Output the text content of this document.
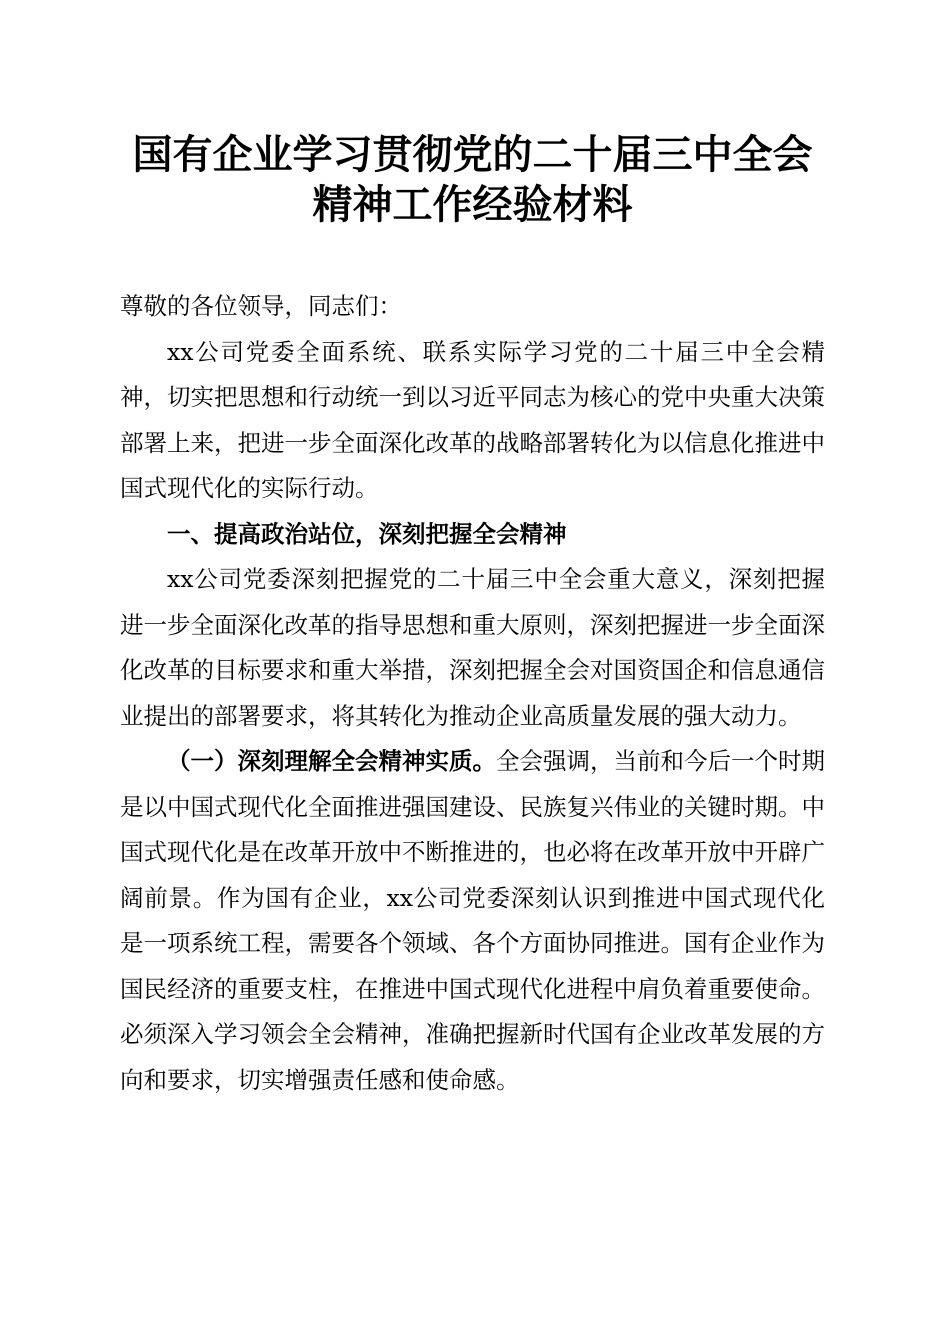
国有企业学习贯彻党的二十届三中全会精神工作经验材料
尊敬的各位领导，同志们：

xx公司党委全面系统、联系实际学习党的二十届三中全会精神，切实把思想和行动统一到以习近平同志为核心的党中央重大决策部署上来，把进一步全面深化改革的战略部署转化为以信息化推进中国式现代化的实际行动。

一、提高政治站位，深刻把握全会精神

xx公司党委深刻把握党的二十届三中全会重大意义，深刻把握进一步全面深化改革的指导思想和重大原则，深刻把握进一步全面深化改革的目标要求和重大举措，深刻把握全会对国资国企和信息通信业提出的部署要求，将其转化为推动企业高质量发展的强大动力。

（一）深刻理解全会精神实质。全会强调，当前和今后一个时期是以中国式现代化全面推进强国建设、民族复兴伟业的关键时期。中国式现代化是在改革开放中不断推进的，也必将在改革开放中开辟广阔前景。作为国有企业，xx公司党委深刻认识到推进中国式现代化是一项系统工程，需要各个领域、各个方面协同推进。国有企业作为国民经济的重要支柱，在推进中国式现代化进程中肩负着重要使命。必须深入学习领会全会精神，准确把握新时代国有企业改革发展的方向和要求，切实增强责任感和使命感。
